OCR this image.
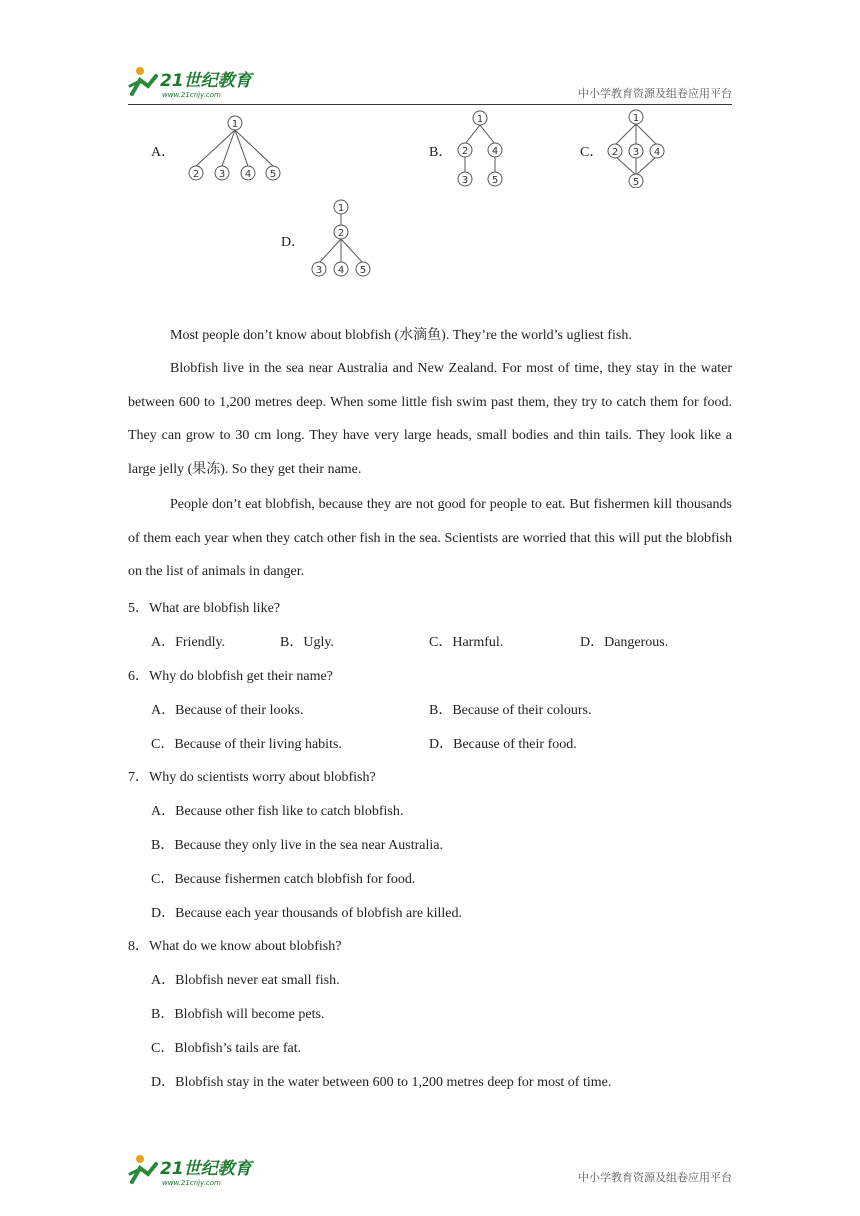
21世纪教育
www.21cnjy.com	中小学教育资源及组卷应用平台
A．
1
2 3 4 5
B．
1
2 4
3 5
C．
1
2 3 4
5
D．
1
2
3 4 5

Most people don’t know about blobfish (水滴鱼). They’re the world’s ugliest fish.

Blobfish live in the sea near Australia and New Zealand. For most of time, they stay in the water between 600 to 1,200 metres deep. When some little fish swim past them, they try to catch them for food. They can grow to 30 cm long. They have very large heads, small bodies and thin tails. They look like a large jelly (果冻). So they get their name.

People don’t eat blobfish, because they are not good for people to eat. But fishermen kill thousands of them each year when they catch other fish in the sea. Scientists are worried that this will put the blobfish on the list of animals in danger.

5．What are blobfish like?
A．Friendly.	B．Ugly.	C．Harmful.	D．Dangerous.
6．Why do blobfish get their name?
A．Because of their looks.	B．Because of their colours.
C．Because of their living habits.	D．Because of their food.
7．Why do scientists worry about blobfish?
A．Because other fish like to catch blobfish.
B．Because they only live in the sea near Australia.
C．Because fishermen catch blobfish for food.
D．Because each year thousands of blobfish are killed.
8．What do we know about blobfish?
A．Blobfish never eat small fish.
B．Blobfish will become pets.
C．Blobfish’s tails are fat.
D．Blobfish stay in the water between 600 to 1,200 metres deep for most of time.
21世纪教育
www.21cnjy.com	中小学教育资源及组卷应用平台
